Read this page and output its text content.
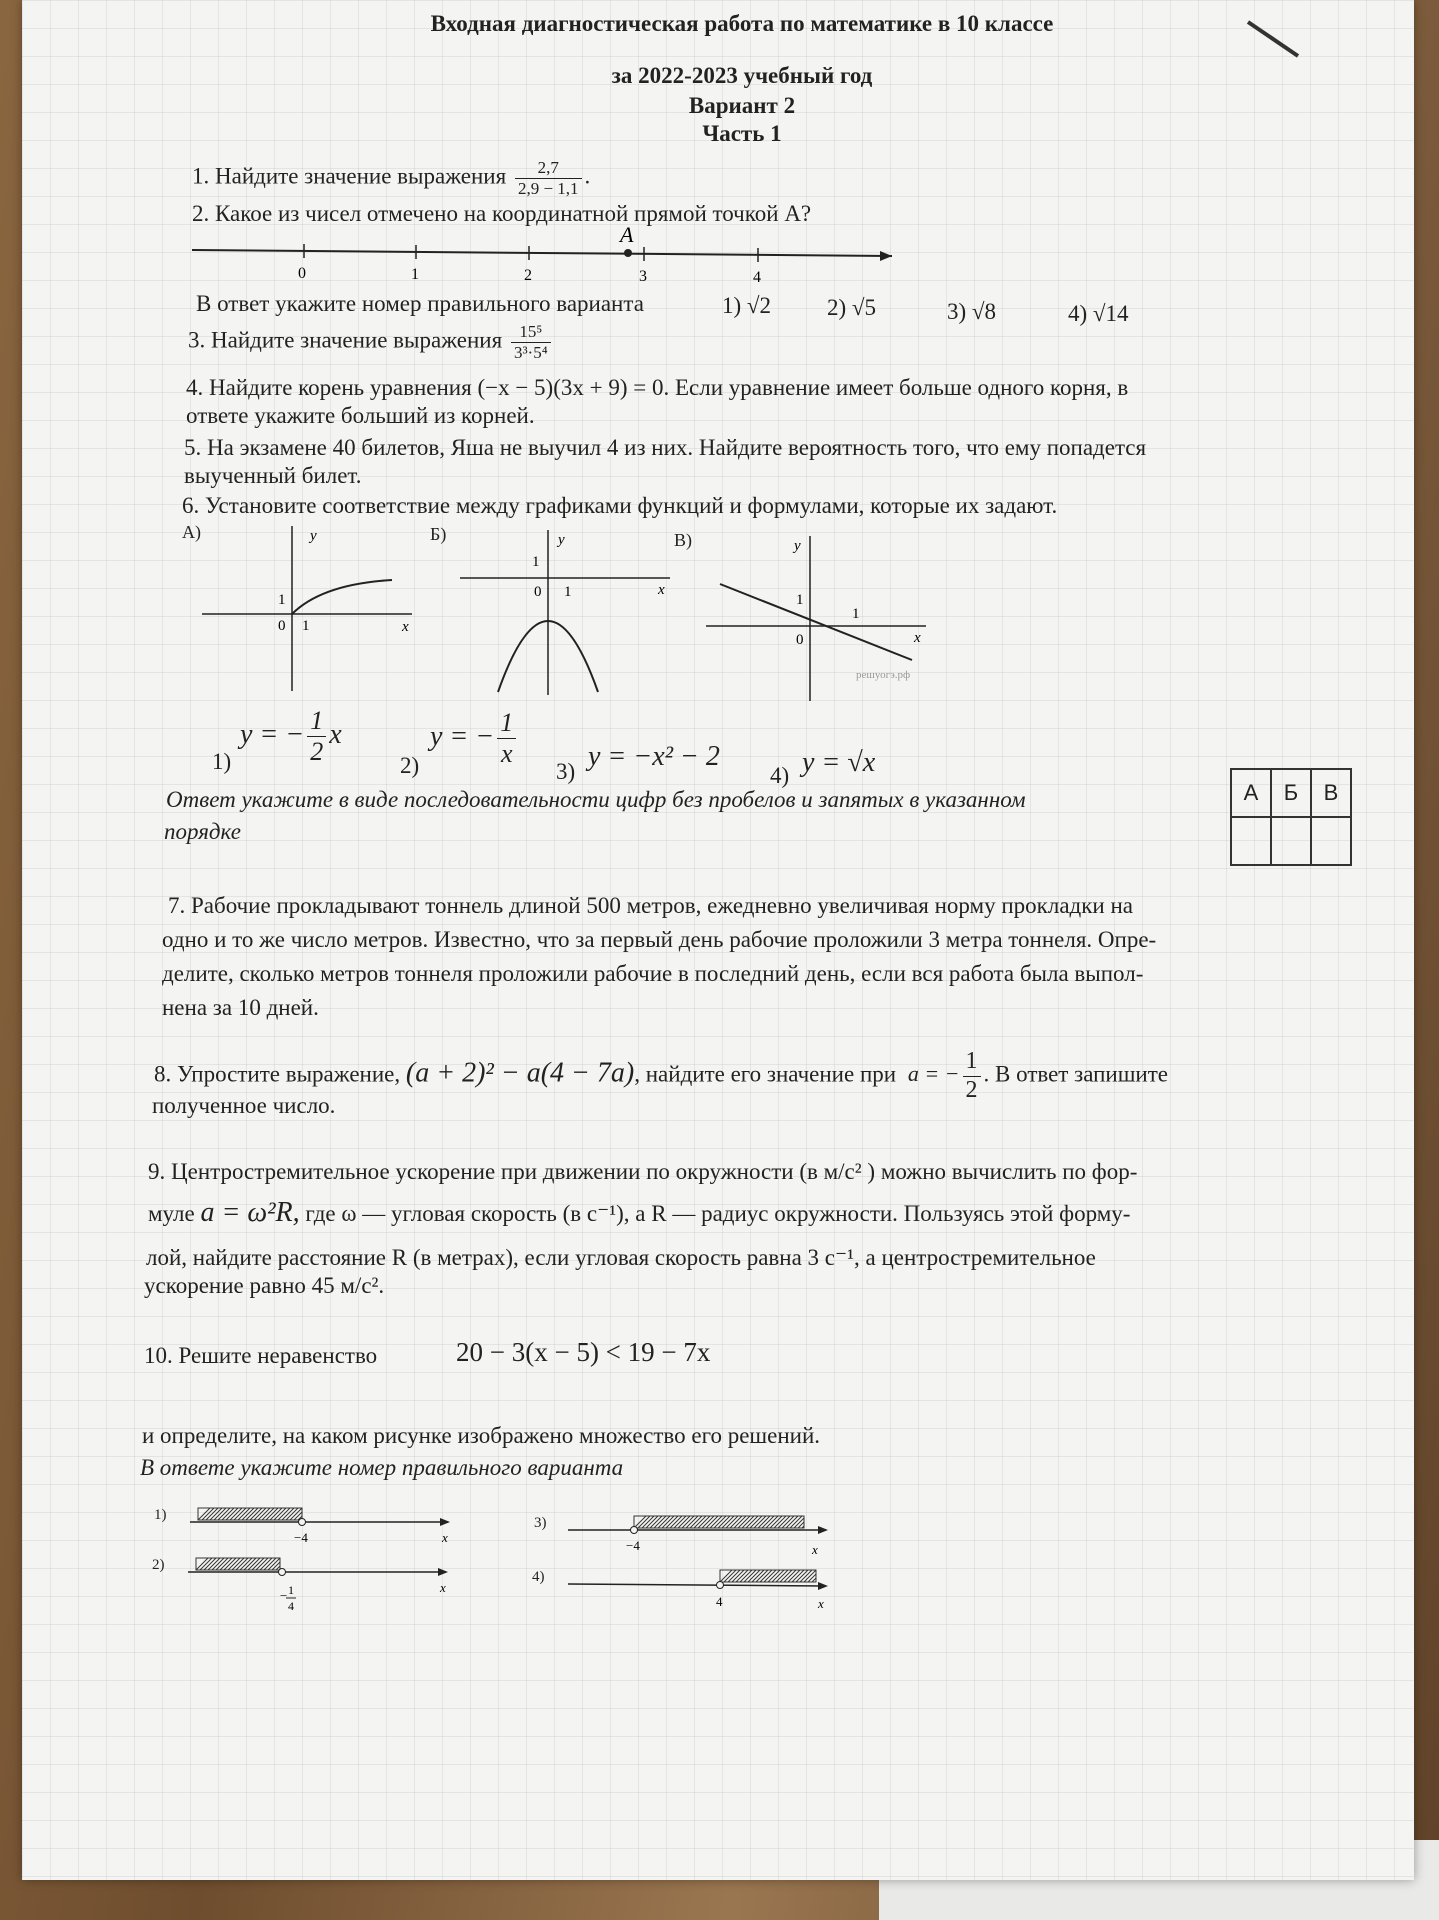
Входная диагностическая работа по математике в 10 классе
за 2022-2023 учебный год
Вариант 2
Часть 1
1. Найдите значение выражения $\frac{2,7}{2,9 - 1,1}$ .
2. Какое из чисел отмечено на координатной прямой точкой А?
A
0	1	2	3	4
В ответ укажите номер правильного варианта	1) √2 2) √5	3) √8	4) √14
3. Найдите значение выражения $\frac{\text{15⁵}}{\text{3³·5⁴}}$
4. Найдите корень уравнения (−x − 5)(3x + 9) = 0. Если уравнение имеет больше одного корня, в
ответе укажите больший из корней.
5. На экзамене 40 билетов, Яша не выучил 4 из них. Найдите вероятность того, что ему попадется
выученный билет.
6. Установите соответствие между графиками функций и формулами, которые их задают.
А)	y
x
0 1
1
Б)	y
x
0 1
1
В)	y
x
0
1
1
решуогэ.рф
1)
y = − $\frac{1}{2}$ x
2)
y = − $\frac{1}{x}$
3) y = −x² − 2
4) y = √x
Ответ укажите в виде последовательности цифр без пробелов и запятых в указанном
порядке
А	Б	В

7. Рабочие прокладывают тоннель длиной 500 метров, ежедневно увеличивая норму прокладки на
одно и то же число метров. Известно, что за первый день рабочие проложили 3 метра тоннеля. Опре-
делите, сколько метров тоннеля проложили рабочие в последний день, если вся работа была выпол-
нена за 10 дней.
8. Упростите выражение, (a + 2)² − a(4 − 7a), найдите его значение при a = − $\frac{1}{2}$ . В ответ запишите
полученное число.
9. Центростремительное ускорение при движении по окружности (в м/с² ) можно вычислить по фор-
муле a = ω²R, где ω — угловая скорость (в с⁻¹), а R — радиус окружности. Пользуясь этой форму-
лой, найдите расстояние R (в метрах), если угловая скорость равна 3 с⁻¹, а центростремительное
ускорение равно 45 м/с².
10. Решите неравенство	20 − 3(x − 5) < 19 − 7x
и определите, на каком рисунке изображено множество его решений.
В ответе укажите номер правильного варианта
1)
−4	x
2)
− 1
4
x
3)
−4	x
4)
4	x
